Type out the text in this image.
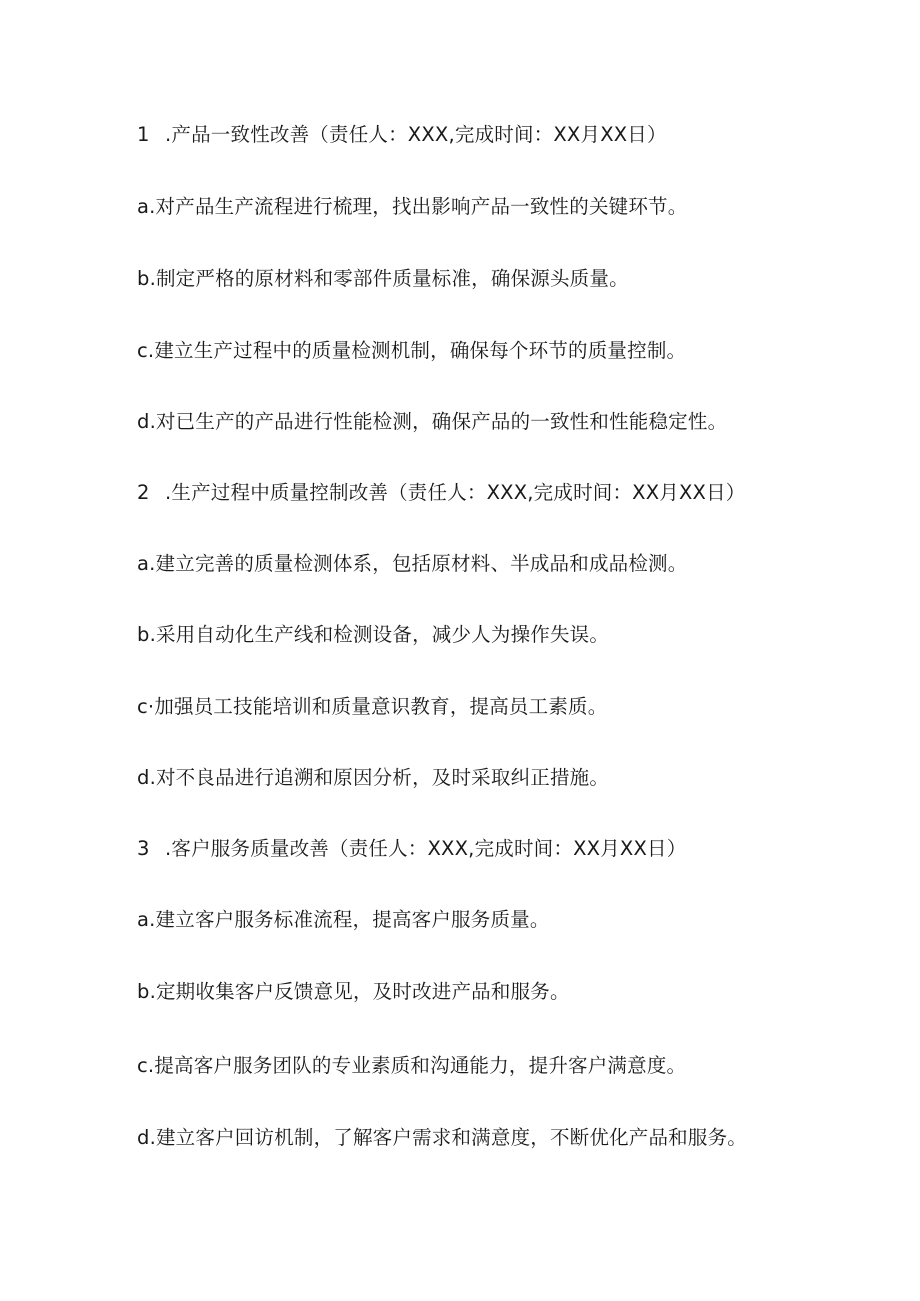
1 .产品一致性改善（责任人：XXX,完成时间：XX月XX日）
a.对产品生产流程进行梳理，找出影响产品一致性的关键环节。
b.制定严格的原材料和零部件质量标准，确保源头质量。
c.建立生产过程中的质量检测机制，确保每个环节的质量控制。
d.对已生产的产品进行性能检测，确保产品的一致性和性能稳定性。
2 .生产过程中质量控制改善（责任人：XXX,完成时间：XX月XX日）
a.建立完善的质量检测体系，包括原材料、半成品和成品检测。
b.采用自动化生产线和检测设备，减少人为操作失误。
c·加强员工技能培训和质量意识教育，提高员工素质。
d.对不良品进行追溯和原因分析，及时采取纠正措施。
3 .客户服务质量改善（责任人：XXX,完成时间：XX月XX日）
a.建立客户服务标准流程，提高客户服务质量。
b.定期收集客户反馈意见，及时改进产品和服务。
c.提高客户服务团队的专业素质和沟通能力，提升客户满意度。
d.建立客户回访机制，了解客户需求和满意度，不断优化产品和服务。
